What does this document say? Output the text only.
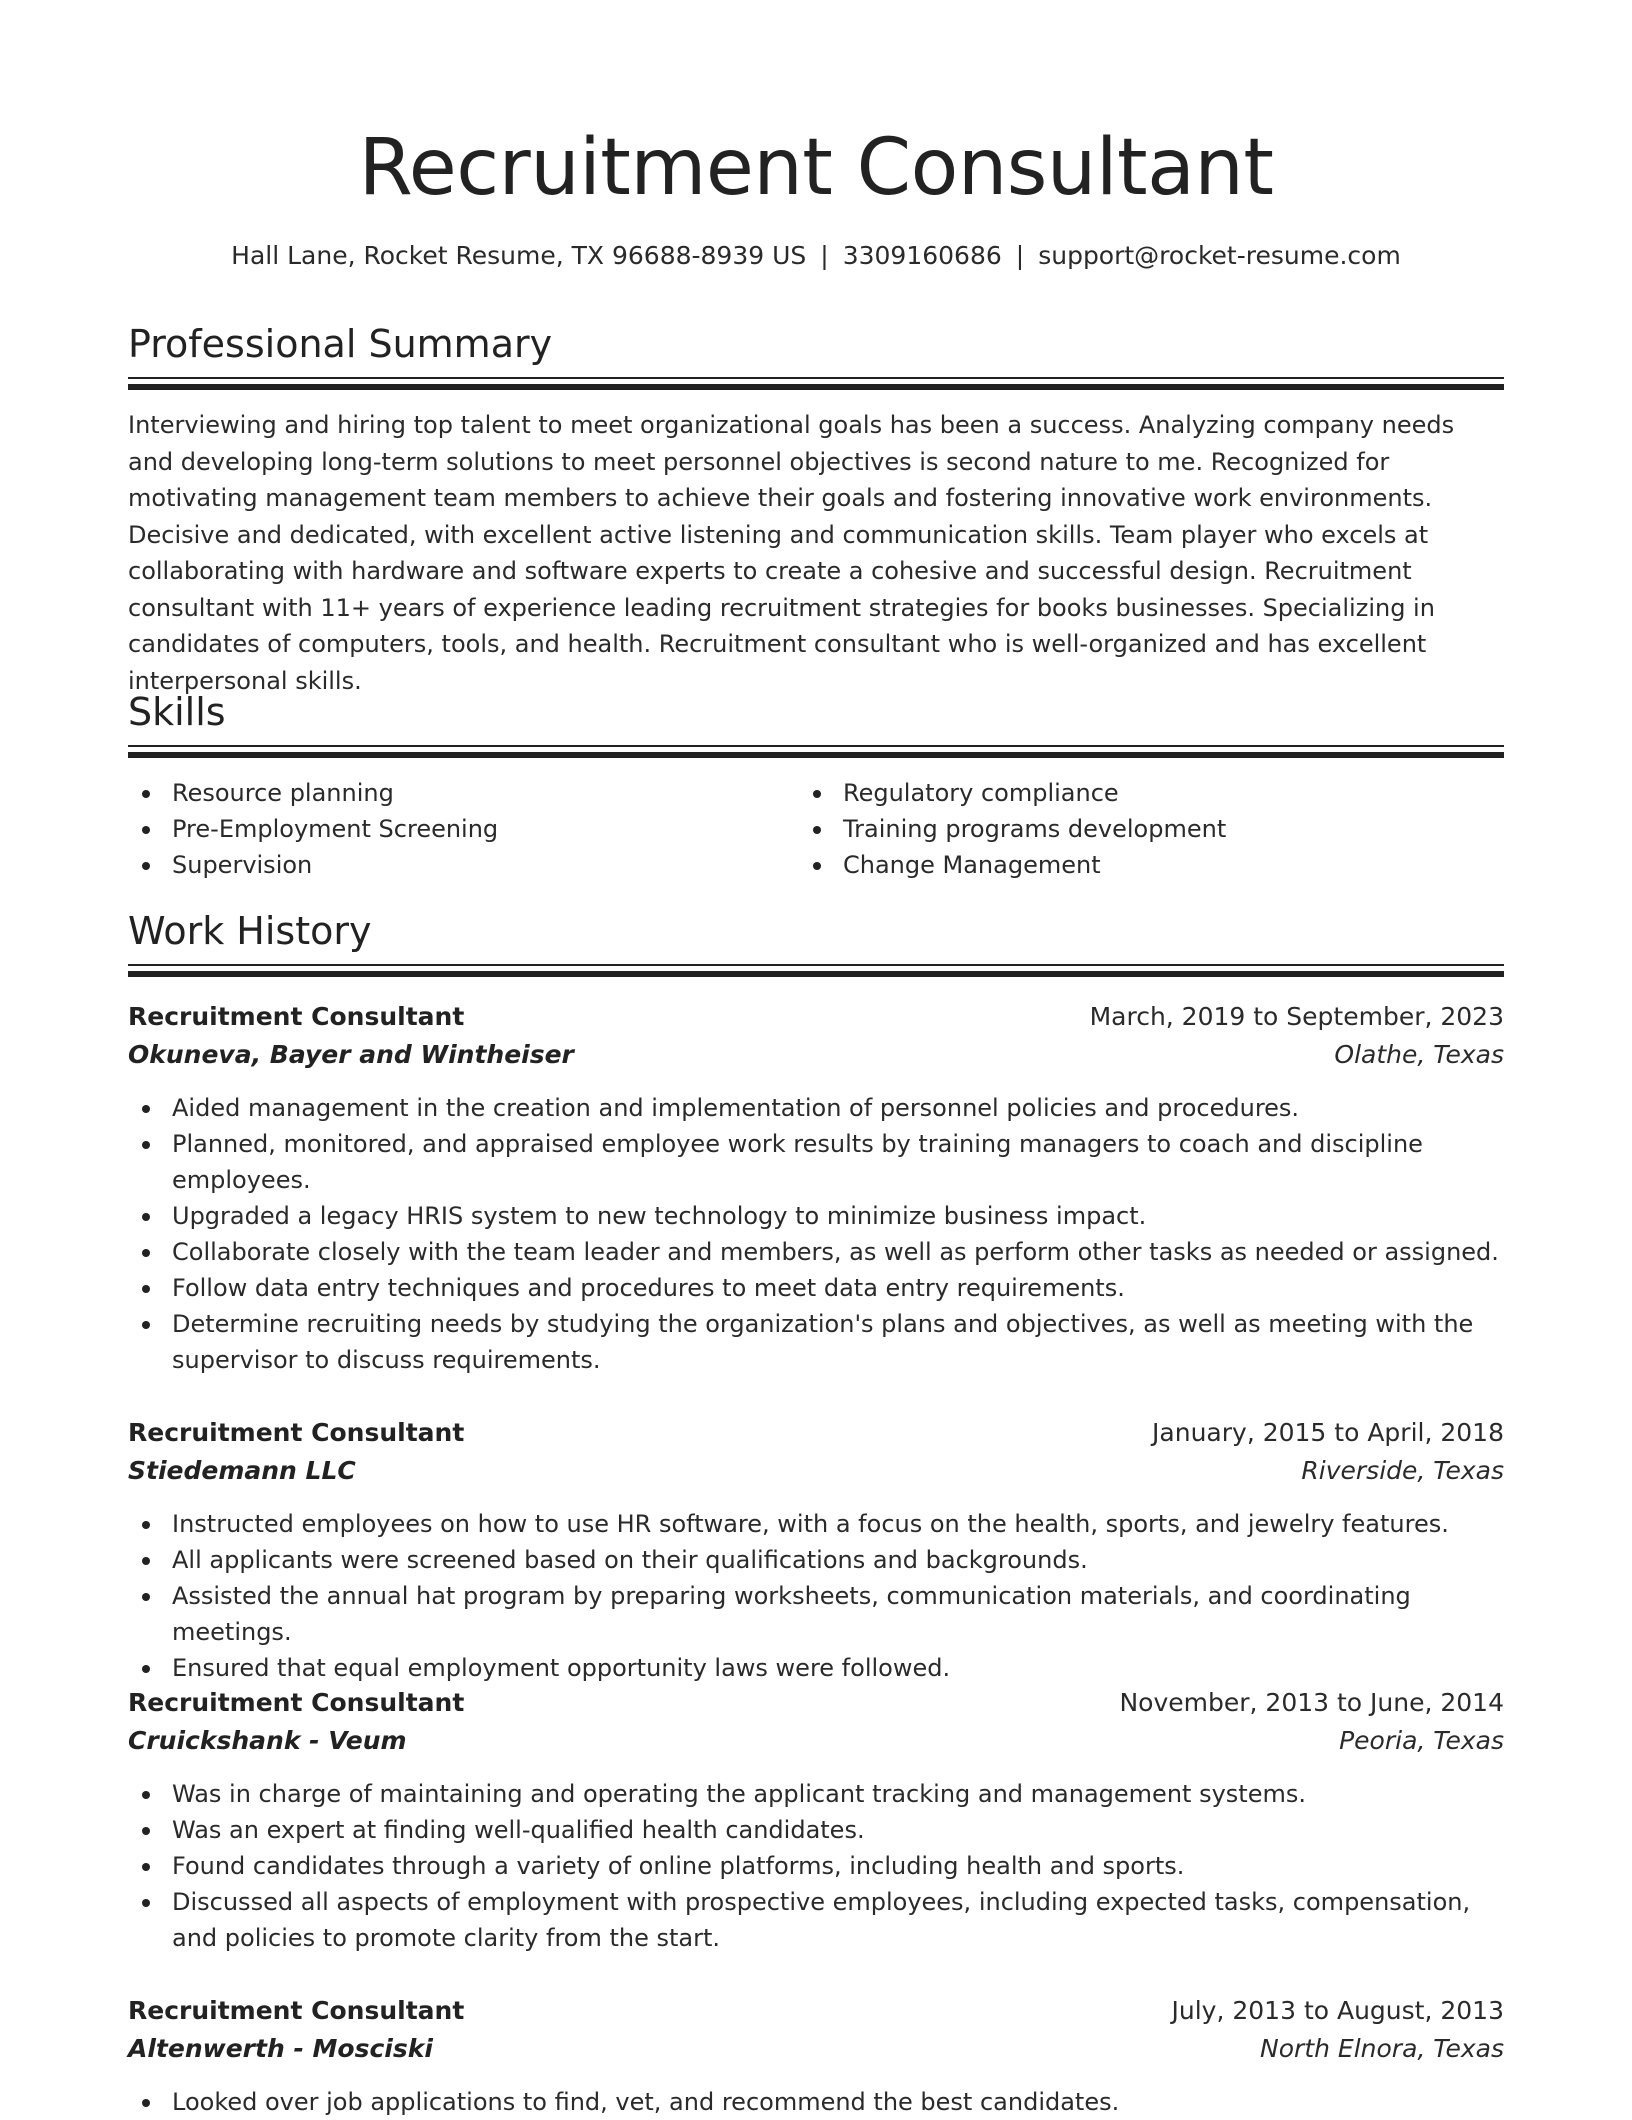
Recruitment Consultant
Hall Lane, Rocket Resume, TX 96688-8939 US | 3309160686 | support@rocket-resume.com
Professional Summary
Interviewing and hiring top talent to meet organizational goals has been a success. Analyzing company needs and developing long-term solutions to meet personnel objectives is second nature to me. Recognized for motivating management team members to achieve their goals and fostering innovative work environments. Decisive and dedicated, with excellent active listening and communication skills. Team player who excels at collaborating with hardware and software experts to create a cohesive and successful design. Recruitment consultant with 11+ years of experience leading recruitment strategies for books businesses. Specializing in candidates of computers, tools, and health. Recruitment consultant who is well-organized and has excellent interpersonal skills.
Skills
Resource planning
Pre-Employment Screening
Supervision
Regulatory compliance
Training programs development
Change Management
Work History
Recruitment Consultant	March, 2019 to September, 2023
Okuneva, Bayer and Wintheiser	Olathe, Texas
Aided management in the creation and implementation of personnel policies and procedures.
Planned, monitored, and appraised employee work results by training managers to coach and discipline employees.
Upgraded a legacy HRIS system to new technology to minimize business impact.
Collaborate closely with the team leader and members, as well as perform other tasks as needed or assigned.
Follow data entry techniques and procedures to meet data entry requirements.
Determine recruiting needs by studying the organization's plans and objectives, as well as meeting with the supervisor to discuss requirements.
Recruitment Consultant	January, 2015 to April, 2018
Stiedemann LLC	Riverside, Texas
Instructed employees on how to use HR software, with a focus on the health, sports, and jewelry features.
All applicants were screened based on their qualifications and backgrounds.
Assisted the annual hat program by preparing worksheets, communication materials, and coordinating meetings.
Ensured that equal employment opportunity laws were followed.
Recruitment Consultant	November, 2013 to June, 2014
Cruickshank - Veum	Peoria, Texas
Was in charge of maintaining and operating the applicant tracking and management systems.
Was an expert at finding well-qualified health candidates.
Found candidates through a variety of online platforms, including health and sports.
Discussed all aspects of employment with prospective employees, including expected tasks, compensation, and policies to promote clarity from the start.
Recruitment Consultant	July, 2013 to August, 2013
Altenwerth - Mosciski	North Elnora, Texas
Looked over job applications to find, vet, and recommend the best candidates.
